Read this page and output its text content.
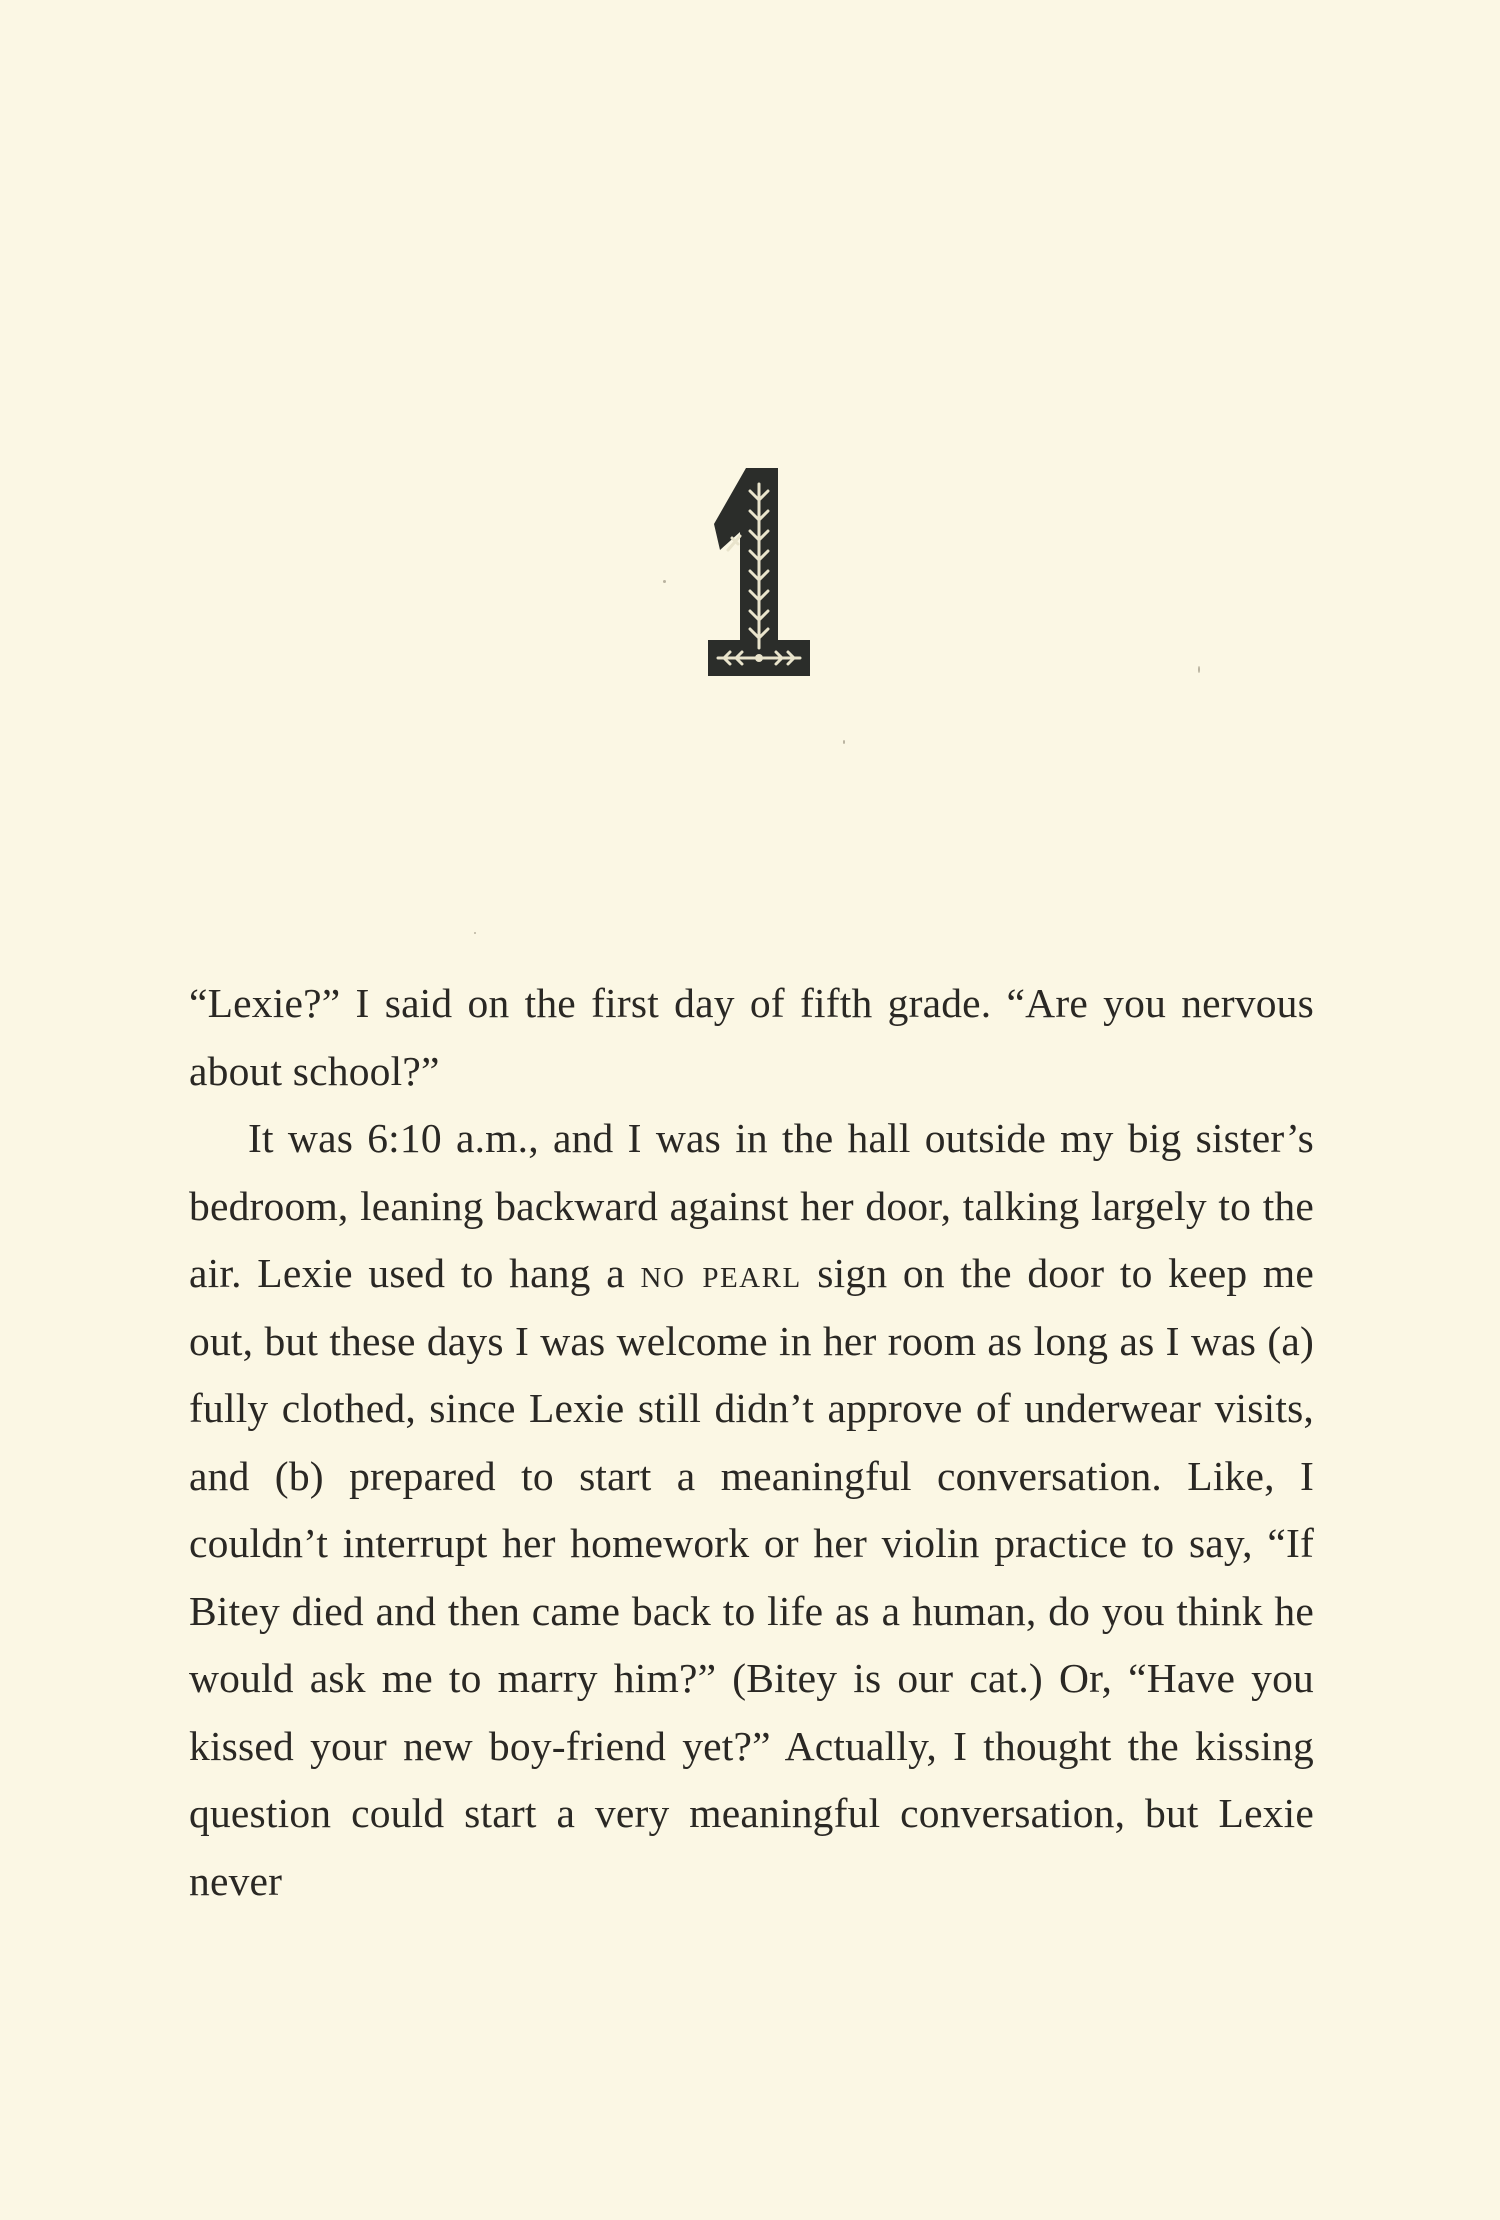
“Lexie?” I said on the first day of fifth grade. “Are you nervous about school?”

It was 6:10 a.m., and I was in the hall outside my big sister’s bedroom, leaning backward against her door, talking largely to the air. Lexie used to hang a no pearl sign on the door to keep me out, but these days I was welcome in her room as long as I was (a) fully clothed, since Lexie still didn’t approve of underwear visits, and (b) prepared to start a meaningful conversation. Like, I couldn’t interrupt her homework or her violin practice to say, “If Bitey died and then came back to life as a human, do you think he would ask me to marry him?” (Bitey is our cat.) Or, “Have you kissed your new boy-friend yet?” Actually, I thought the kissing question could start a very meaningful conversation, but Lexie never
